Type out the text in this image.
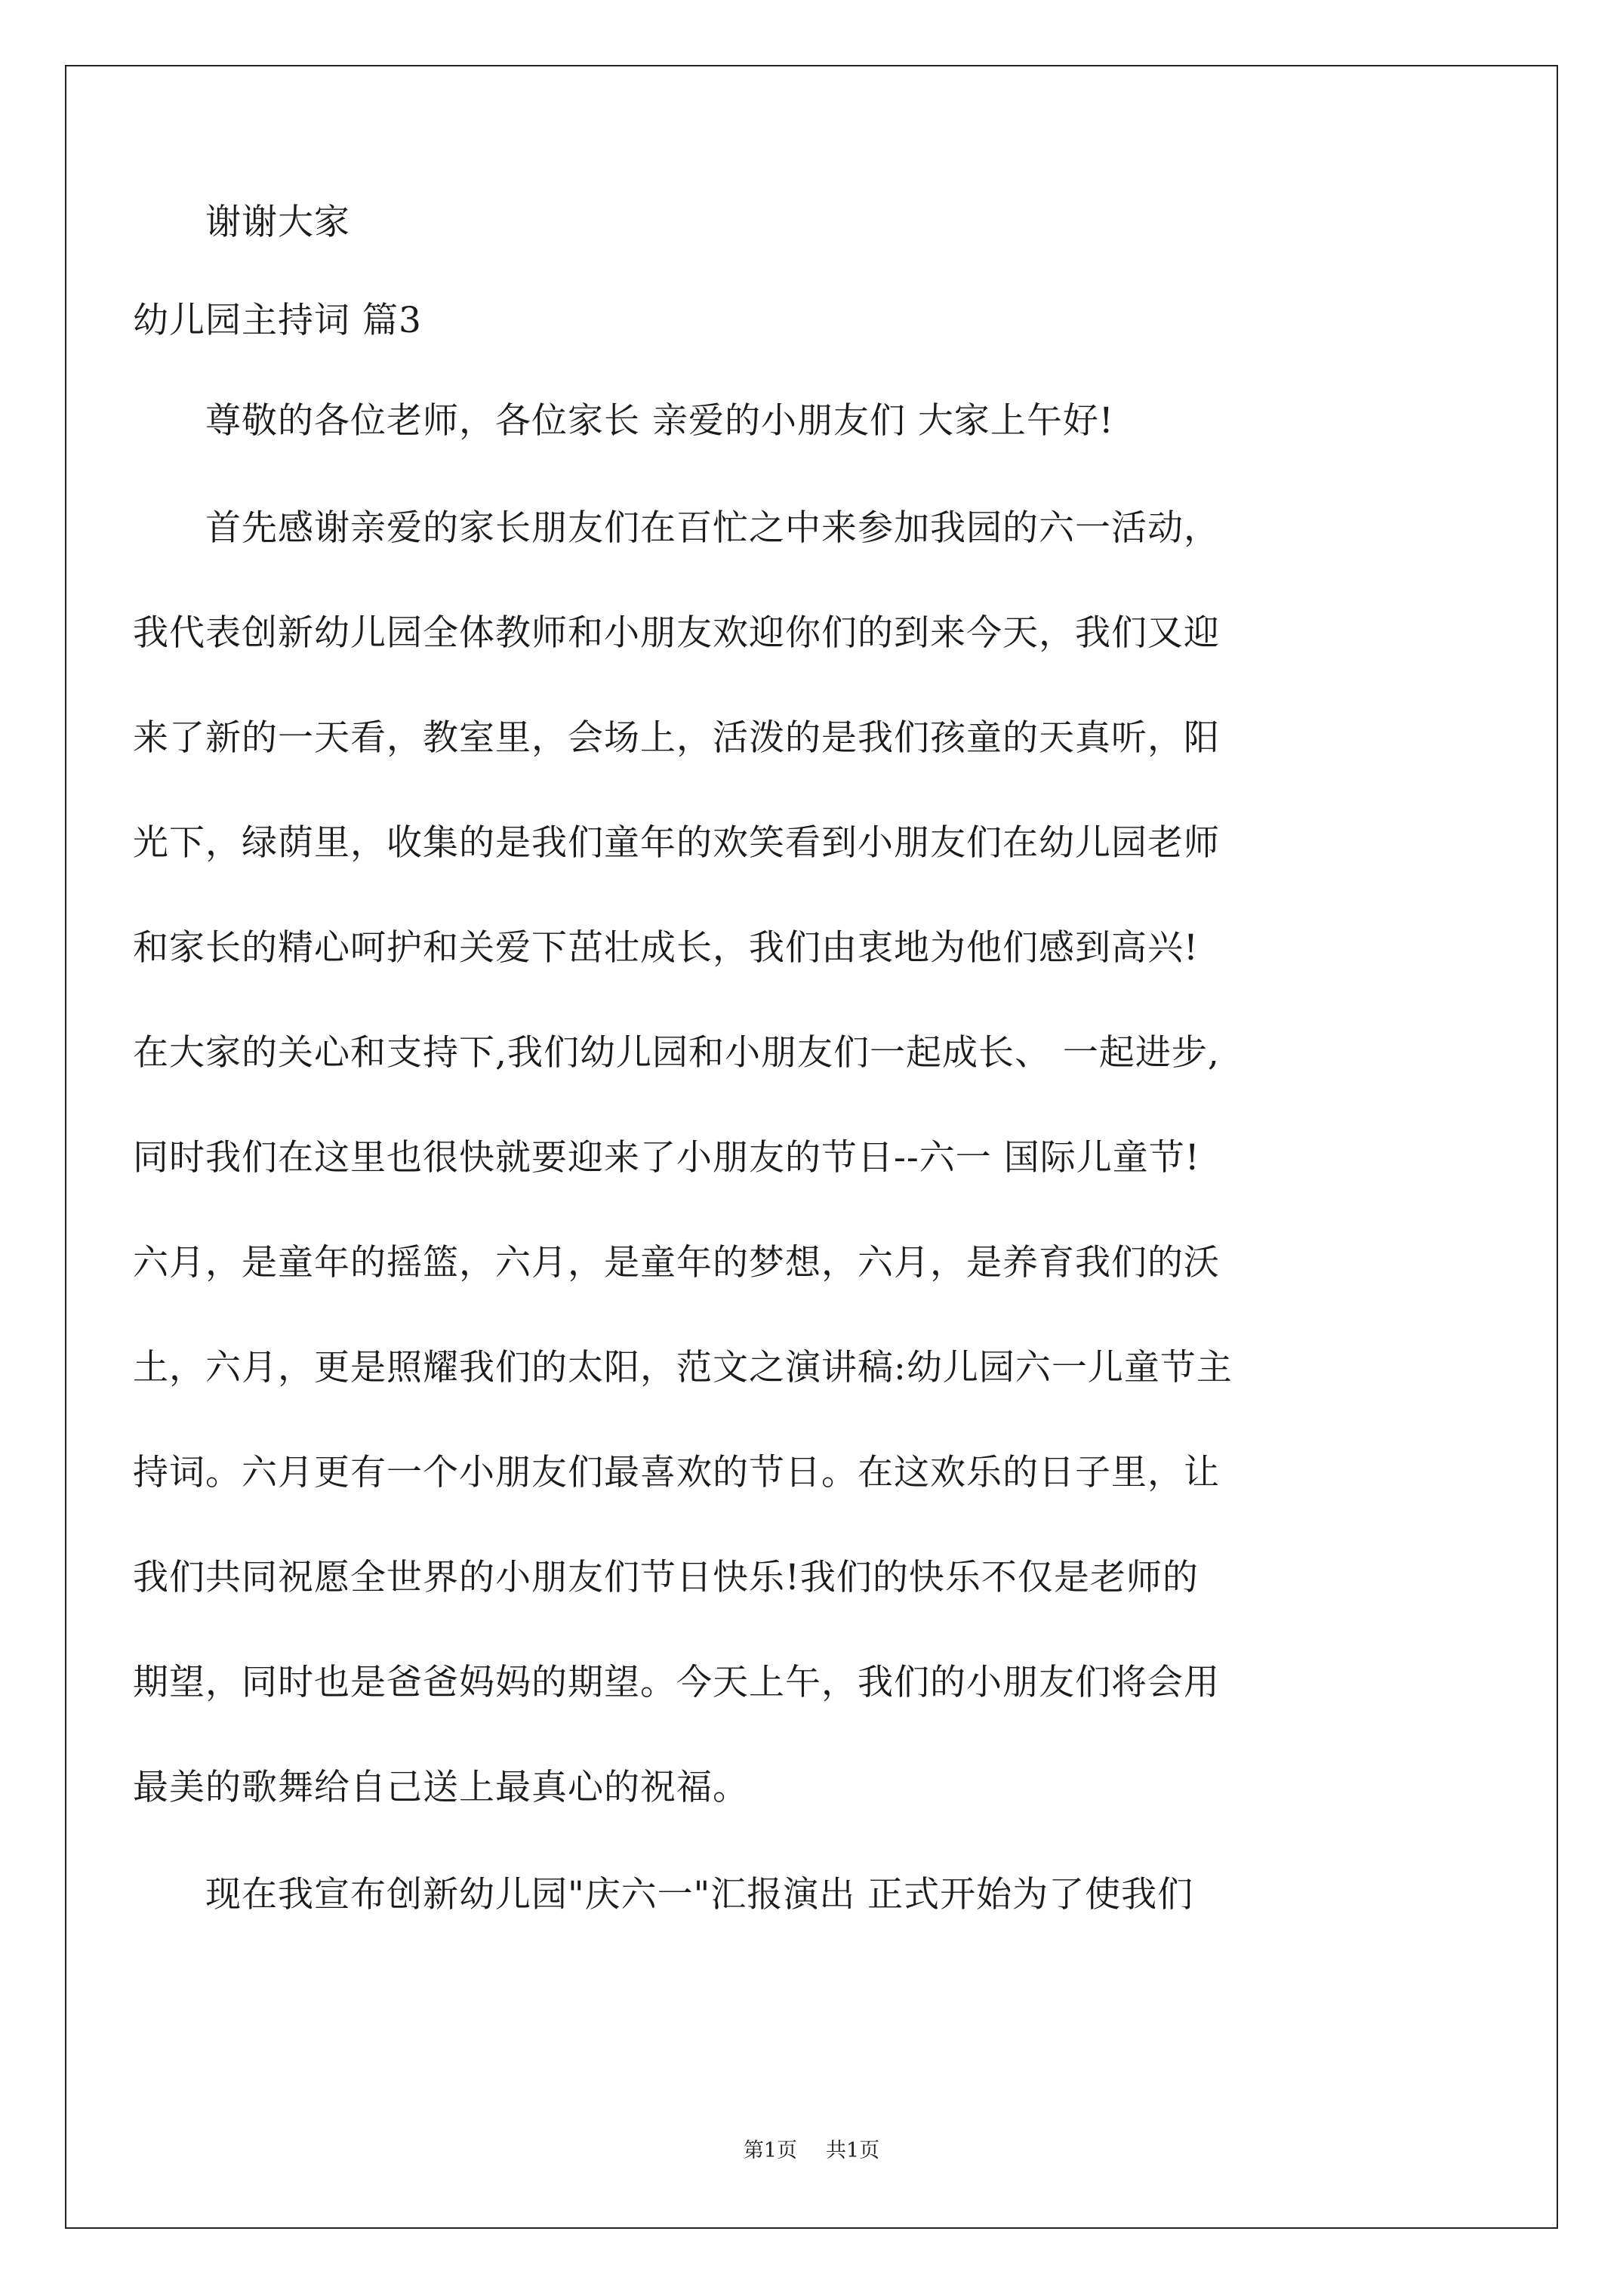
谢谢大家

幼儿园主持词 篇3

尊敬的各位老师，各位家长 亲爱的小朋友们 大家上午好!

首先感谢亲爱的家长朋友们在百忙之中来参加我园的六一活动，

我代表创新幼儿园全体教师和小朋友欢迎你们的到来今天，我们又迎

来了新的一天看，教室里，会场上，活泼的是我们孩童的天真听，阳

光下，绿荫里，收集的是我们童年的欢笑看到小朋友们在幼儿园老师

和家长的精心呵护和关爱下茁壮成长，我们由衷地为他们感到高兴!

在大家的关心和支持下,我们幼儿园和小朋友们一起成长、 一起进步,

同时我们在这里也很快就要迎来了小朋友的节日--六一 国际儿童节!

六月，是童年的摇篮，六月，是童年的梦想，六月，是养育我们的沃

土，六月，更是照耀我们的太阳，范文之演讲稿:幼儿园六一儿童节主

持词。六月更有一个小朋友们最喜欢的节日。在这欢乐的日子里，让

我们共同祝愿全世界的小朋友们节日快乐!我们的快乐不仅是老师的

期望，同时也是爸爸妈妈的期望。今天上午，我们的小朋友们将会用

最美的歌舞给自己送上最真心的祝福。

现在我宣布创新幼儿园"庆六一"汇报演出 正式开始为了使我们

第1页 共1页
